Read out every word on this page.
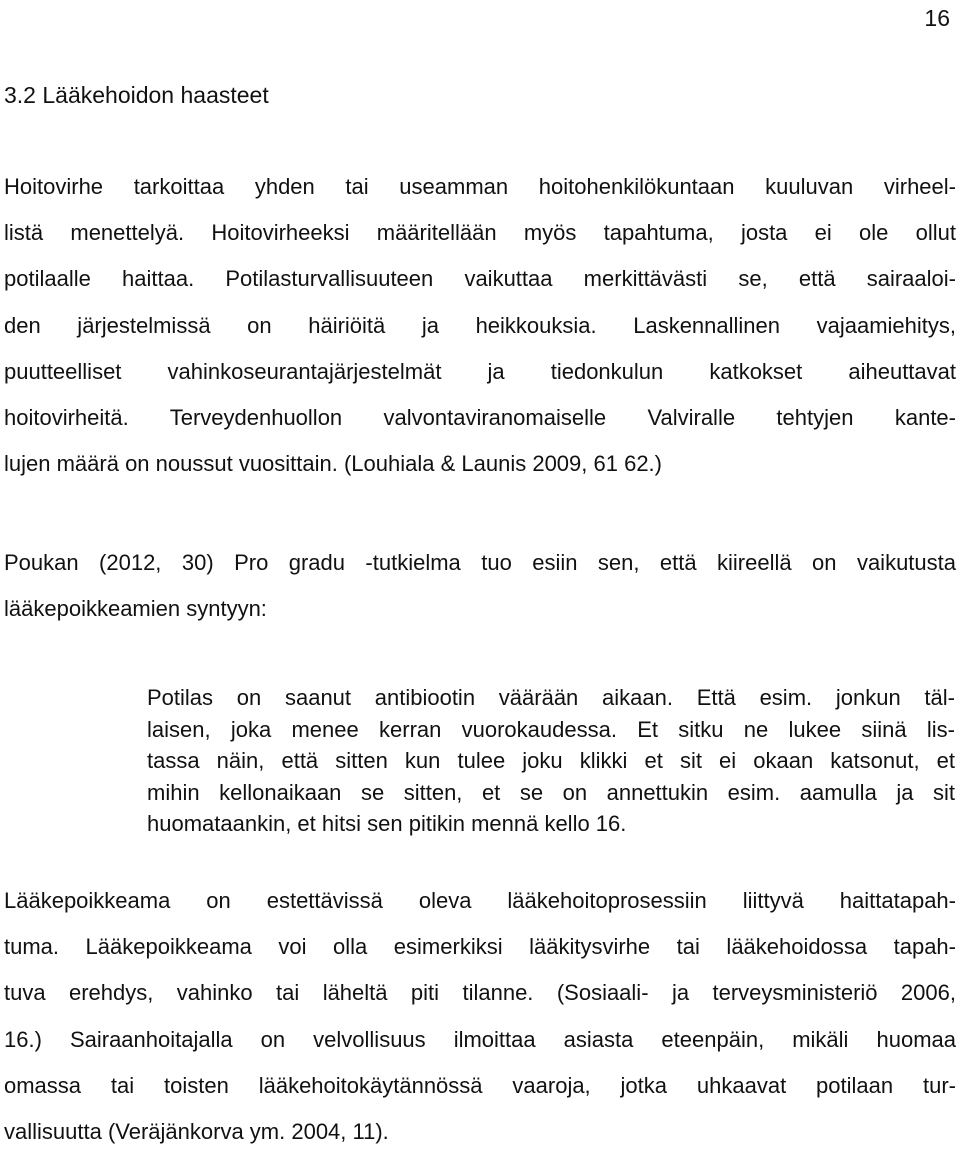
16
3.2 Lääkehoidon haasteet

Hoitovirhe tarkoittaa yhden tai useamman hoitohenkilökuntaan kuuluvan virheel-
listä menettelyä. Hoitovirheeksi määritellään myös tapahtuma, josta ei ole ollut
potilaalle haittaa. Potilasturvallisuuteen vaikuttaa merkittävästi se, että sairaaloi-
den järjestelmissä on häiriöitä ja heikkouksia. Laskennallinen vajaamiehitys,
puutteelliset vahinkoseurantajärjestelmät ja tiedonkulun katkokset aiheuttavat
hoitovirheitä. Terveydenhuollon valvontaviranomaiselle Valviralle tehtyjen kante-
lujen määrä on noussut vuosittain. (Louhiala & Launis 2009, 61 62.)

Poukan (2012, 30) Pro gradu -tutkielma tuo esiin sen, että kiireellä on vaikutusta
lääkepoikkeamien syntyyn:

Potilas on saanut antibiootin väärään aikaan. Että esim. jonkun täl-
laisen, joka menee kerran vuorokaudessa. Et sitku ne lukee siinä lis-
tassa näin, että sitten kun tulee joku klikki et sit ei okaan katsonut, et
mihin kellonaikaan se sitten, et se on annettukin esim. aamulla ja sit
huomataankin, et hitsi sen pitikin mennä kello 16.

Lääkepoikkeama on estettävissä oleva lääkehoitoprosessiin liittyvä haittatapah-
tuma. Lääkepoikkeama voi olla esimerkiksi lääkitysvirhe tai lääkehoidossa tapah-
tuva erehdys, vahinko tai läheltä piti tilanne. (Sosiaali- ja terveysministeriö 2006,
16.) Sairaanhoitajalla on velvollisuus ilmoittaa asiasta eteenpäin, mikäli huomaa
omassa tai toisten lääkehoitokäytännössä vaaroja, jotka uhkaavat potilaan tur-
vallisuutta (Veräjänkorva ym. 2004, 11).
